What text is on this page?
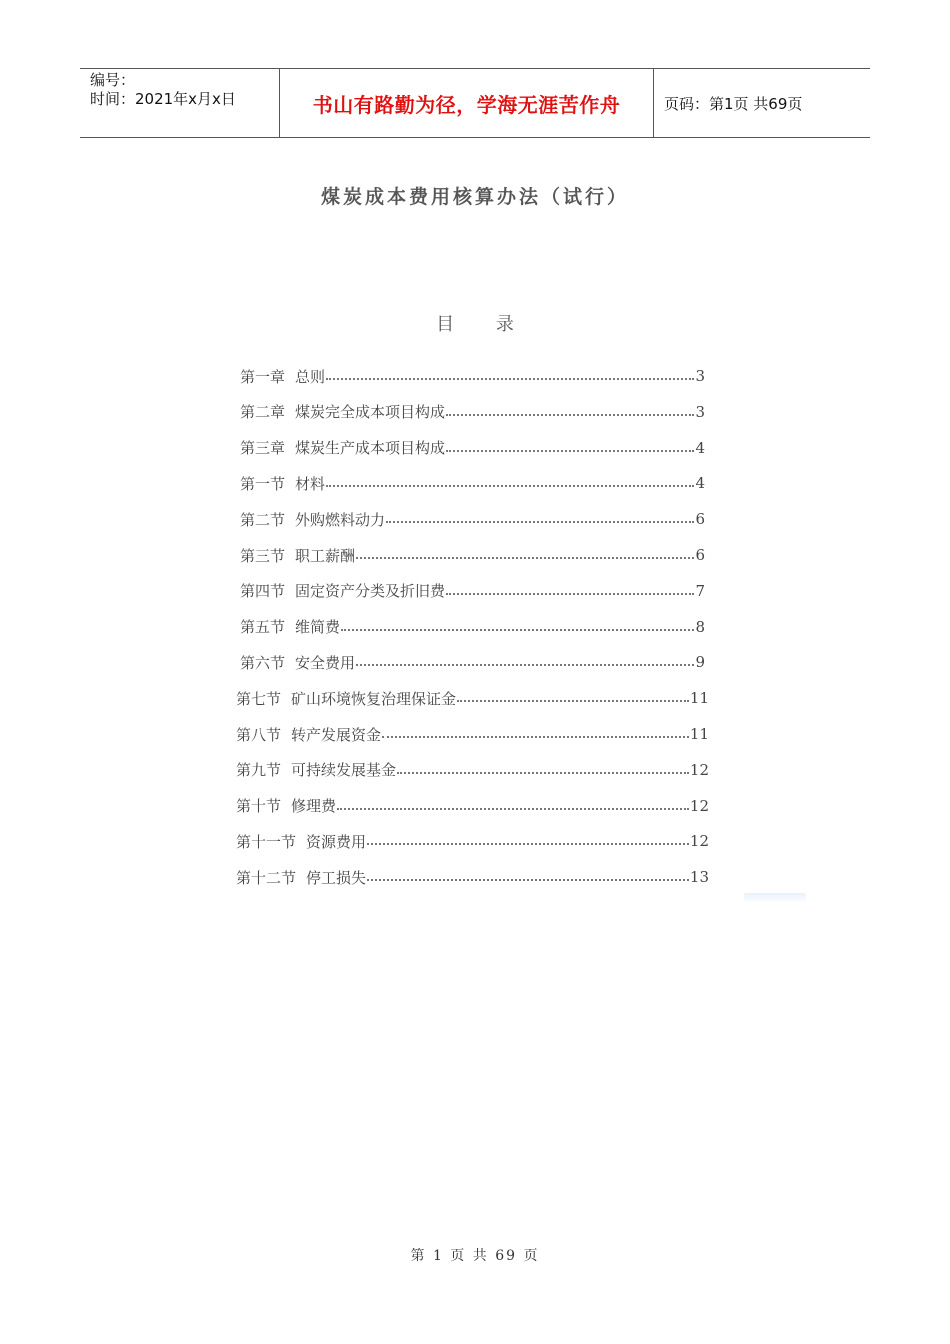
编号：
时间：2021年x月x日	书山有路勤为径，学海无涯苦作舟	页码：第1页 共69页
煤炭成本费用核算办法（试行）
目 录
第一章 总则	3
第二章 煤炭完全成本项目构成	3
第三章 煤炭生产成本项目构成	4
第一节 材料	4
第二节 外购燃料动力	6
第三节 职工薪酬	6
第四节 固定资产分类及折旧费	7
第五节 维简费	8
第六节 安全费用	9
第七节 矿山环境恢复治理保证金	11
第八节 转产发展资金	11
第九节 可持续发展基金	12
第十节 修理费	12
第十一节 资源费用	12
第十二节 停工损失	13
第 1 页 共 69 页
